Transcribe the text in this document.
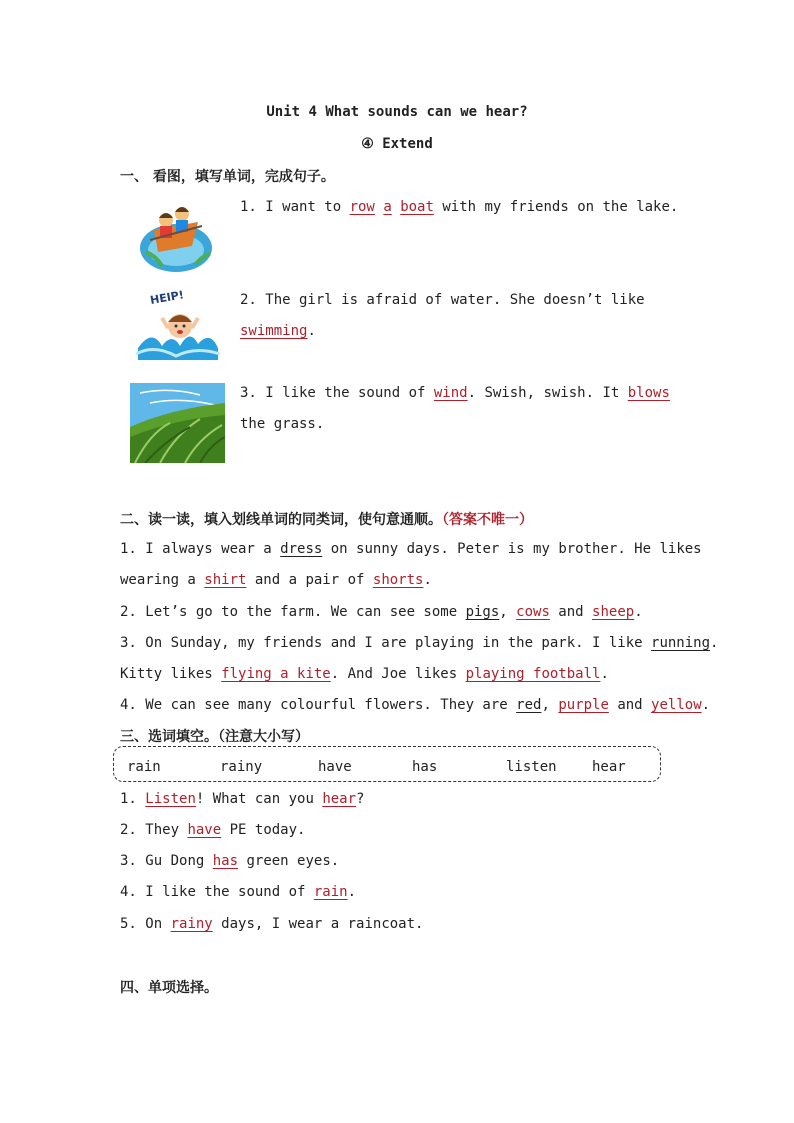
Unit 4 What sounds can we hear?
④ Extend
一、 看图，填写单词，完成句子。
1. I want to row a boat with my friends on the lake.
HEIP!	2. The girl is afraid of water. She doesn’t like
swimming.
3. I like the sound of wind. Swish, swish. It blows
the grass.
二、读一读，填入划线单词的同类词，使句意通顺。（答案不唯一）
1. I always wear a dress on sunny days. Peter is my brother. He likes
wearing a shirt and a pair of shorts.
2. Let’s go to the farm. We can see some pigs, cows and sheep.
3. On Sunday, my friends and I are playing in the park. I like running.
Kitty likes flying a kite. And Joe likes playing football.
4. We can see many colourful flowers. They are red, purple and yellow.
三、选词填空。（注意大小写）
rain	rainy	have	has	listen	hear
1. Listen! What can you hear?
2. They have PE today.
3. Gu Dong has green eyes.
4. I like the sound of rain.
5. On rainy days, I wear a raincoat.
四、单项选择。
